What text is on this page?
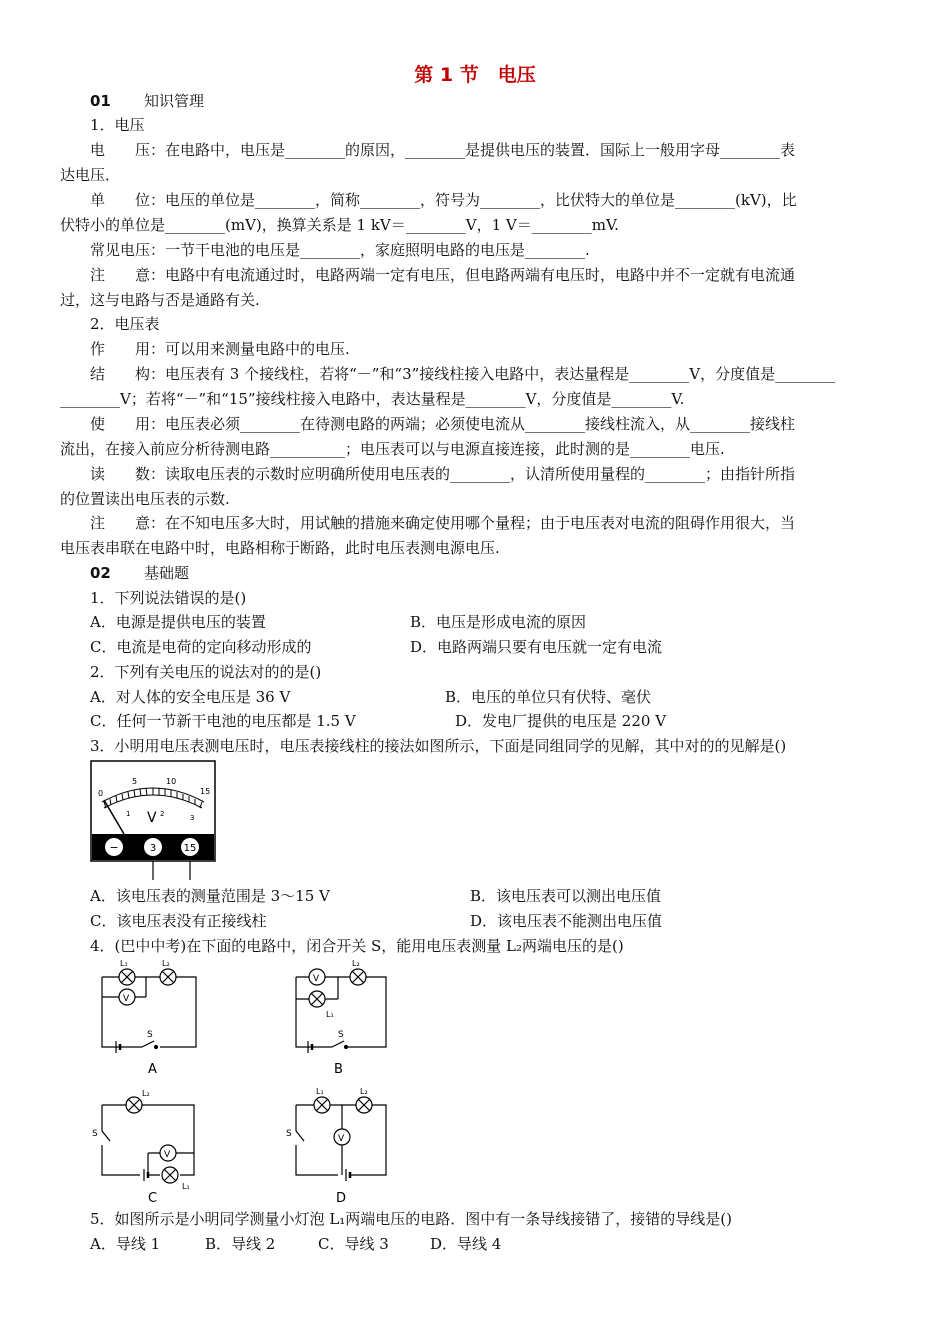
第 1 节　电压
01 知识管理
1．电压
电　　压：在电路中，电压是________的原因，________是提供电压的装置．国际上一般用字母________表
达电压．
单　　位：电压的单位是________，简称________，符号为________，比伏特大的单位是________(kV)，比
伏特小的单位是________(mV)，换算关系是 1 kV＝________V，1 V＝________mV.
常见电压：一节干电池的电压是________，家庭照明电路的电压是________.
注　　意：电路中有电流通过时，电路两端一定有电压，但电路两端有电压时，电路中并不一定就有电流通
过，这与电路与否是通路有关.
2．电压表
作　　用：可以用来测量电路中的电压.
结　　构：电压表有 3 个接线柱，若将“－”和“3”接线柱接入电路中，表达量程是________V，分度值是________
________V；若将“－”和“15”接线柱接入电路中，表达量程是________V，分度值是________V.
使　　用：电压表必须________在待测电路的两端；必须使电流从________接线柱流入，从________接线柱
流出，在接入前应分析待测电路__________；电压表可以与电源直接连接，此时测的是________电压.
读　　数：读取电压表的示数时应明确所使用电压表的________，认清所使用量程的________；由指针所指
的位置读出电压表的示数.
注　　意：在不知电压多大时，用试触的措施来确定使用哪个量程；由于电压表对电流的阻碍作用很大，当
电压表串联在电路中时，电路相称于断路，此时电压表测电源电压.
02 基础题
1．下列说法错误的是()
A．电源是提供电压的装置	B．电压是形成电流的原因
C．电流是电荷的定向移动形成的	D．电路两端只要有电压就一定有电流
2．下列有关电压的说法对的的是()
A．对人体的安全电压是 36 V	B．电压的单位只有伏特、毫伏
C．任何一节新干电池的电压都是 1.5 V	D．发电厂提供的电压是 220 V
3．小明用电压表测电压时，电压表接线柱的接法如图所示，下面是同组同学的见解，其中对的的见解是()
0
5	10
15
1	2	3
V
−	3	15
A．该电压表的测量范围是 3～15 V	B．该电压表可以测出电压值
C．该电压表没有正接线柱	D．该电压表不能测出电压值
4．(巴中中考)在下面的电路中，闭合开关 S，能用电压表测量 L₂两端电压的是()
V
L₁	L₂
S
A
V
L₂
L₁
S
B
V
L₂
L₁
S
C
V
L₁	L₂
S
D
5．如图所示是小明同学测量小灯泡 L₁两端电压的电路．图中有一条导线接错了，接错的导线是()
A．导线 1	B．导线 2	C．导线 3	D．导线 4
